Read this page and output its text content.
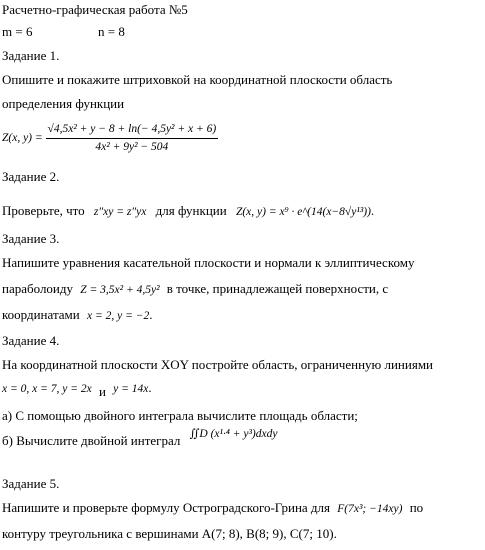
Расчетно-графическая работа №5
m = 6	n = 8
Задание 1.
Опишите и покажите штриховкой на координатной плоскости область
определения функции
Z(x, $y) = \frac{\text{√4,5x² + y − 8 + ln(− 4,5y² + x + 6)}}{\text{4x² + 9y² − 504}}$
Задание 2.
Проверьте, что z″xy = z″yx для функции Z(x, y) = x⁹ · e^(14(x−8√y¹³)).
Задание 3.
Напишите уравнения касательной плоскости и нормали к эллиптическому
параболоиду Z = 3,5x² + 4,5y² в точке, принадлежащей поверхности, с
координатами x = 2, y = −2.
Задание 4.
На координатной плоскости XOY постройте область, ограниченную линиями
x = 0, x = 7, y = 2x и y = 14x.
а) С помощью двойного интеграла вычислите площадь области;
б) Вычислите двойной интеграл ∬D (x¹·⁴ + y³)dxdy
Задание 5.
Напишите и проверьте формулу Остроградского-Грина для F(7x³; −14xy) по
контуру треугольника с вершинами A(7; 8), B(8; 9), C(7; 10).
